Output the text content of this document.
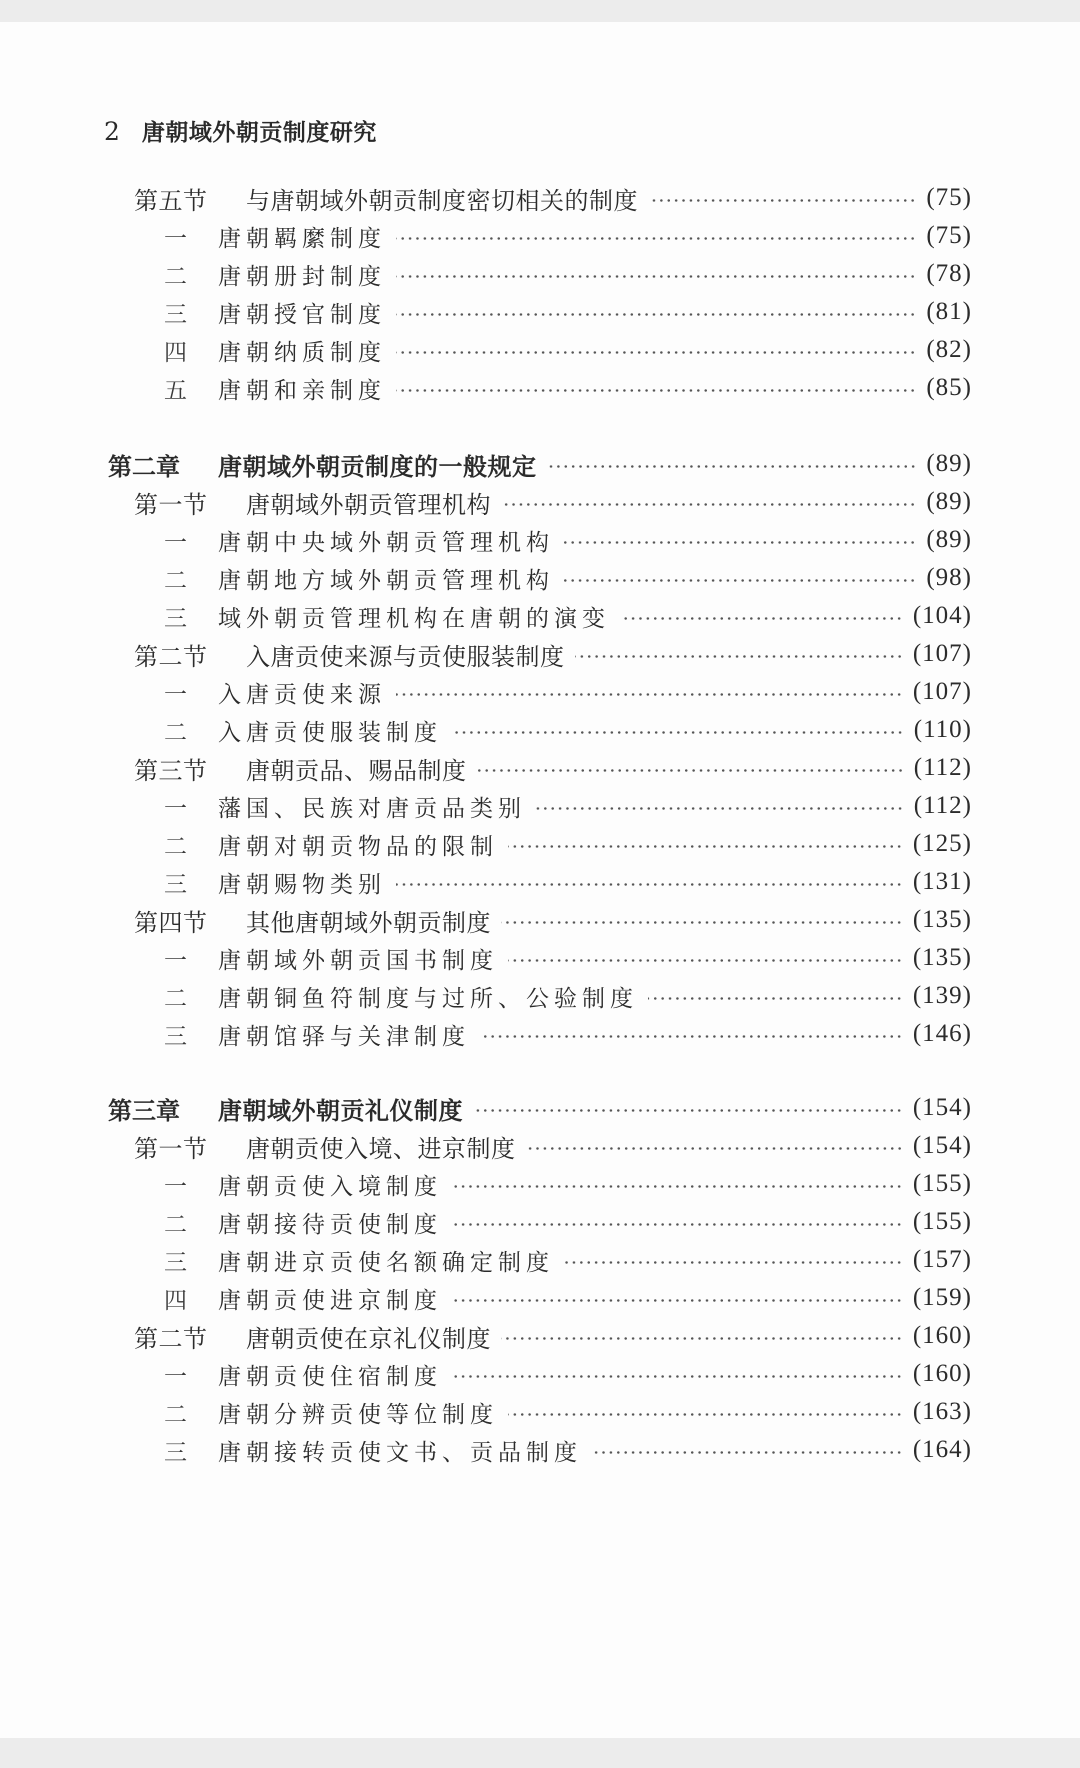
2 唐朝域外朝贡制度研究
第五节	与唐朝域外朝贡制度密切相关的制度	(75)
一	唐朝羁縻制度	(75)
二	唐朝册封制度	(78)
三	唐朝授官制度	(81)
四	唐朝纳质制度	(82)
五	唐朝和亲制度	(85)
第二章	唐朝域外朝贡制度的一般规定	(89)
第一节	唐朝域外朝贡管理机构	(89)
一	唐朝中央域外朝贡管理机构	(89)
二	唐朝地方域外朝贡管理机构	(98)
三	域外朝贡管理机构在唐朝的演变	(104)
第二节	入唐贡使来源与贡使服装制度	(107)
一	入唐贡使来源	(107)
二	入唐贡使服装制度	(110)
第三节	唐朝贡品、赐品制度	(112)
一	藩国、民族对唐贡品类别	(112)
二	唐朝对朝贡物品的限制	(125)
三	唐朝赐物类别	(131)
第四节	其他唐朝域外朝贡制度	(135)
一	唐朝域外朝贡国书制度	(135)
二	唐朝铜鱼符制度与过所、公验制度	(139)
三	唐朝馆驿与关津制度	(146)
第三章	唐朝域外朝贡礼仪制度	(154)
第一节	唐朝贡使入境、进京制度	(154)
一	唐朝贡使入境制度	(155)
二	唐朝接待贡使制度	(155)
三	唐朝进京贡使名额确定制度	(157)
四	唐朝贡使进京制度	(159)
第二节	唐朝贡使在京礼仪制度	(160)
一	唐朝贡使住宿制度	(160)
二	唐朝分辨贡使等位制度	(163)
三	唐朝接转贡使文书、贡品制度	(164)
